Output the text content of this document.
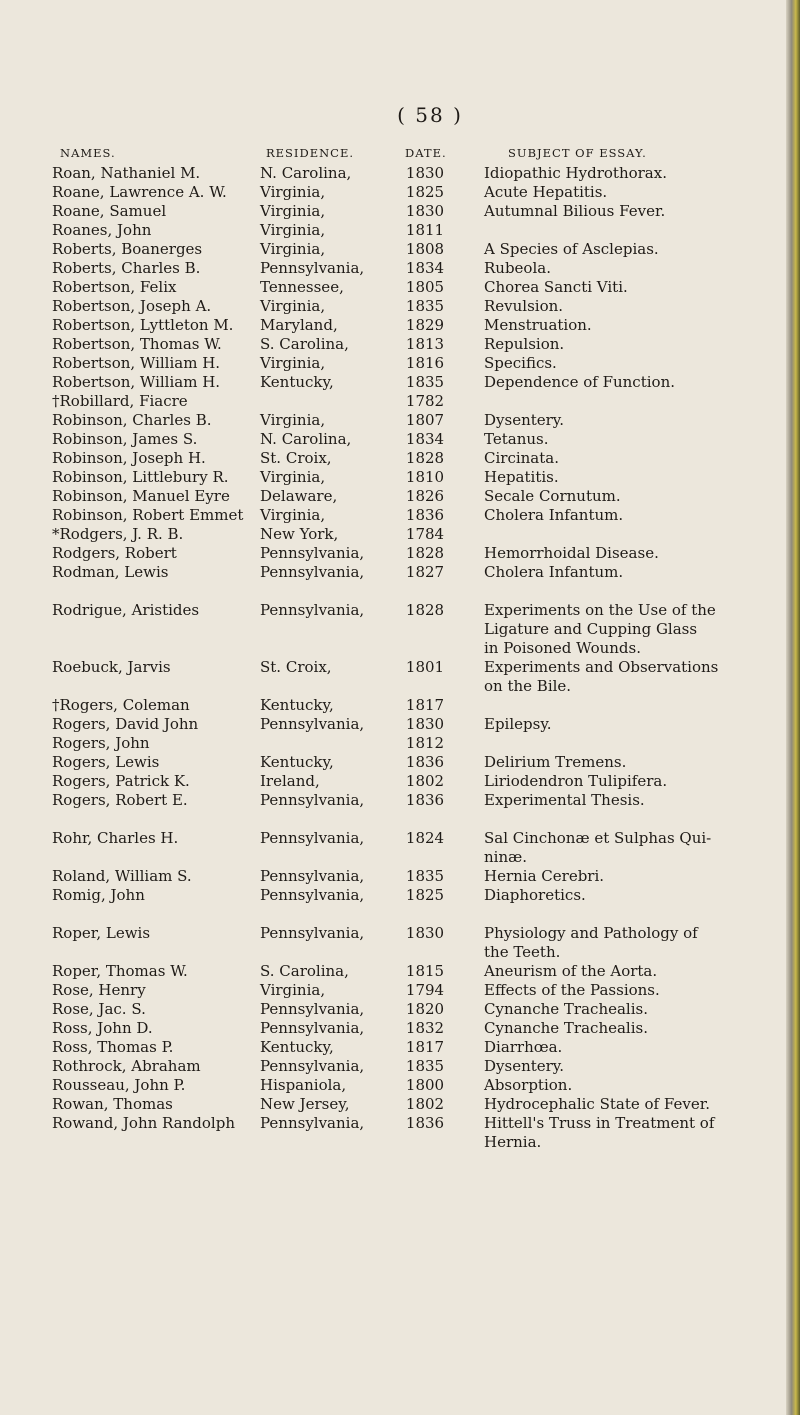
( 58 )
NAMES.	RESIDENCE.	DATE.	SUBJECT OF ESSAY.
Roan, Nathaniel M.	N. Carolina,	1830	Idiopathic Hydrothorax.
Roane, Lawrence A. W. Virginia,	1825	Acute Hepatitis.
Roane, Samuel	Virginia,	1830	Autumnal Bilious Fever.
Roanes, John	Virginia,	1811
Roberts, Boanerges	Virginia,	1808	A Species of Asclepias.
Roberts, Charles B.	Pennsylvania,	1834	Rubeola.
Robertson, Felix	Tennessee,	1805	Chorea Sancti Viti.
Robertson, Joseph A.	Virginia,	1835	Revulsion.
Robertson, Lyttleton M. Maryland,	1829	Menstruation.
Robertson, Thomas W.	S. Carolina,	1813	Repulsion.
Robertson, William H.	Virginia,	1816	Specifics.
Robertson, William H.	Kentucky,	1835	Dependence of Function.
†Robillard, Fiacre	1782
Robinson, Charles B.	Virginia,	1807	Dysentery.
Robinson, James S.	N. Carolina,	1834	Tetanus.
Robinson, Joseph H.	St. Croix,	1828	Circinata.
Robinson, Littlebury R. Virginia,	1810	Hepatitis.
Robinson, Manuel Eyre Delaware,	1826	Secale Cornutum.
Robinson, Robert Emmet Virginia,	1836	Cholera Infantum.
*Rodgers, J. R. B.	New York,	1784
Rodgers, Robert	Pennsylvania,	1828	Hemorrhoidal Disease.
Rodman, Lewis	Pennsylvania,	1827	Cholera Infantum.
Rodrigue, Aristides	Pennsylvania,	1828	Experiments on the Use of the
Ligature and Cupping Glass
in Poisoned Wounds.
Roebuck, Jarvis	St. Croix,	1801	Experiments and Observations
on the Bile.
†Rogers, Coleman	Kentucky,	1817
Rogers, David John	Pennsylvania,	1830	Epilepsy.
Rogers, John	1812
Rogers, Lewis	Kentucky,	1836	Delirium Tremens.
Rogers, Patrick K.	Ireland,	1802	Liriodendron Tulipifera.
Rogers, Robert E.	Pennsylvania,	1836	Experimental Thesis.
Rohr, Charles H.	Pennsylvania,	1824	Sal Cinchonæ et Sulphas Qui-
ninæ.
Roland, William S.	Pennsylvania,	1835	Hernia Cerebri.
Romig, John	Pennsylvania,	1825	Diaphoretics.
Roper, Lewis	Pennsylvania,	1830	Physiology and Pathology of
the Teeth.
Roper, Thomas W.	S. Carolina,	1815	Aneurism of the Aorta.
Rose, Henry	Virginia,	1794	Effects of the Passions.
Rose, Jac. S.	Pennsylvania,	1820	Cynanche Trachealis.
Ross, John D.	Pennsylvania,	1832	Cynanche Trachealis.
Ross, Thomas P.	Kentucky,	1817	Diarrhœa.
Rothrock, Abraham	Pennsylvania,	1835	Dysentery.
Rousseau, John P.	Hispaniola,	1800	Absorption.
Rowan, Thomas	New Jersey,	1802	Hydrocephalic State of Fever.
Rowand, John Randolph Pennsylvania,	1836	Hittell's Truss in Treatment of
Hernia.
